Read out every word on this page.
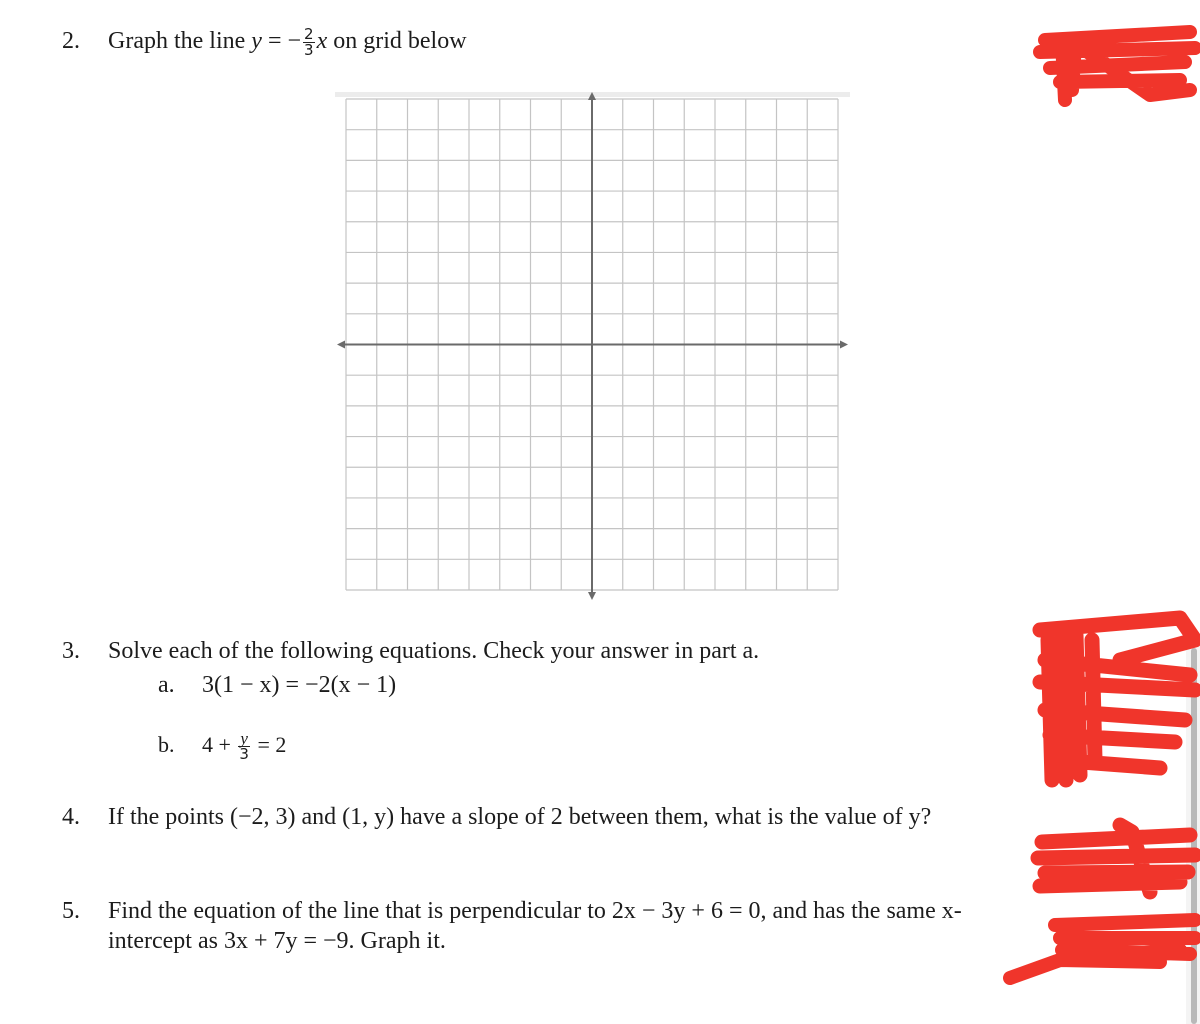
2. Graph the line y = − $\frac{2}{3}$ x on grid below
3. Solve each of the following equations. Check your answer in part a.
a. 3(1 − x) = −2(x − 1)
b. $4 + \frac{y}{3} = 2$
4. If the points (−2, 3) and (1, y) have a slope of 2 between them, what is the value of y?
5. Find the equation of the line that is perpendicular to 2x − 3y + 6 = 0, and has the same x-
intercept as 3x + 7y = −9. Graph it.
